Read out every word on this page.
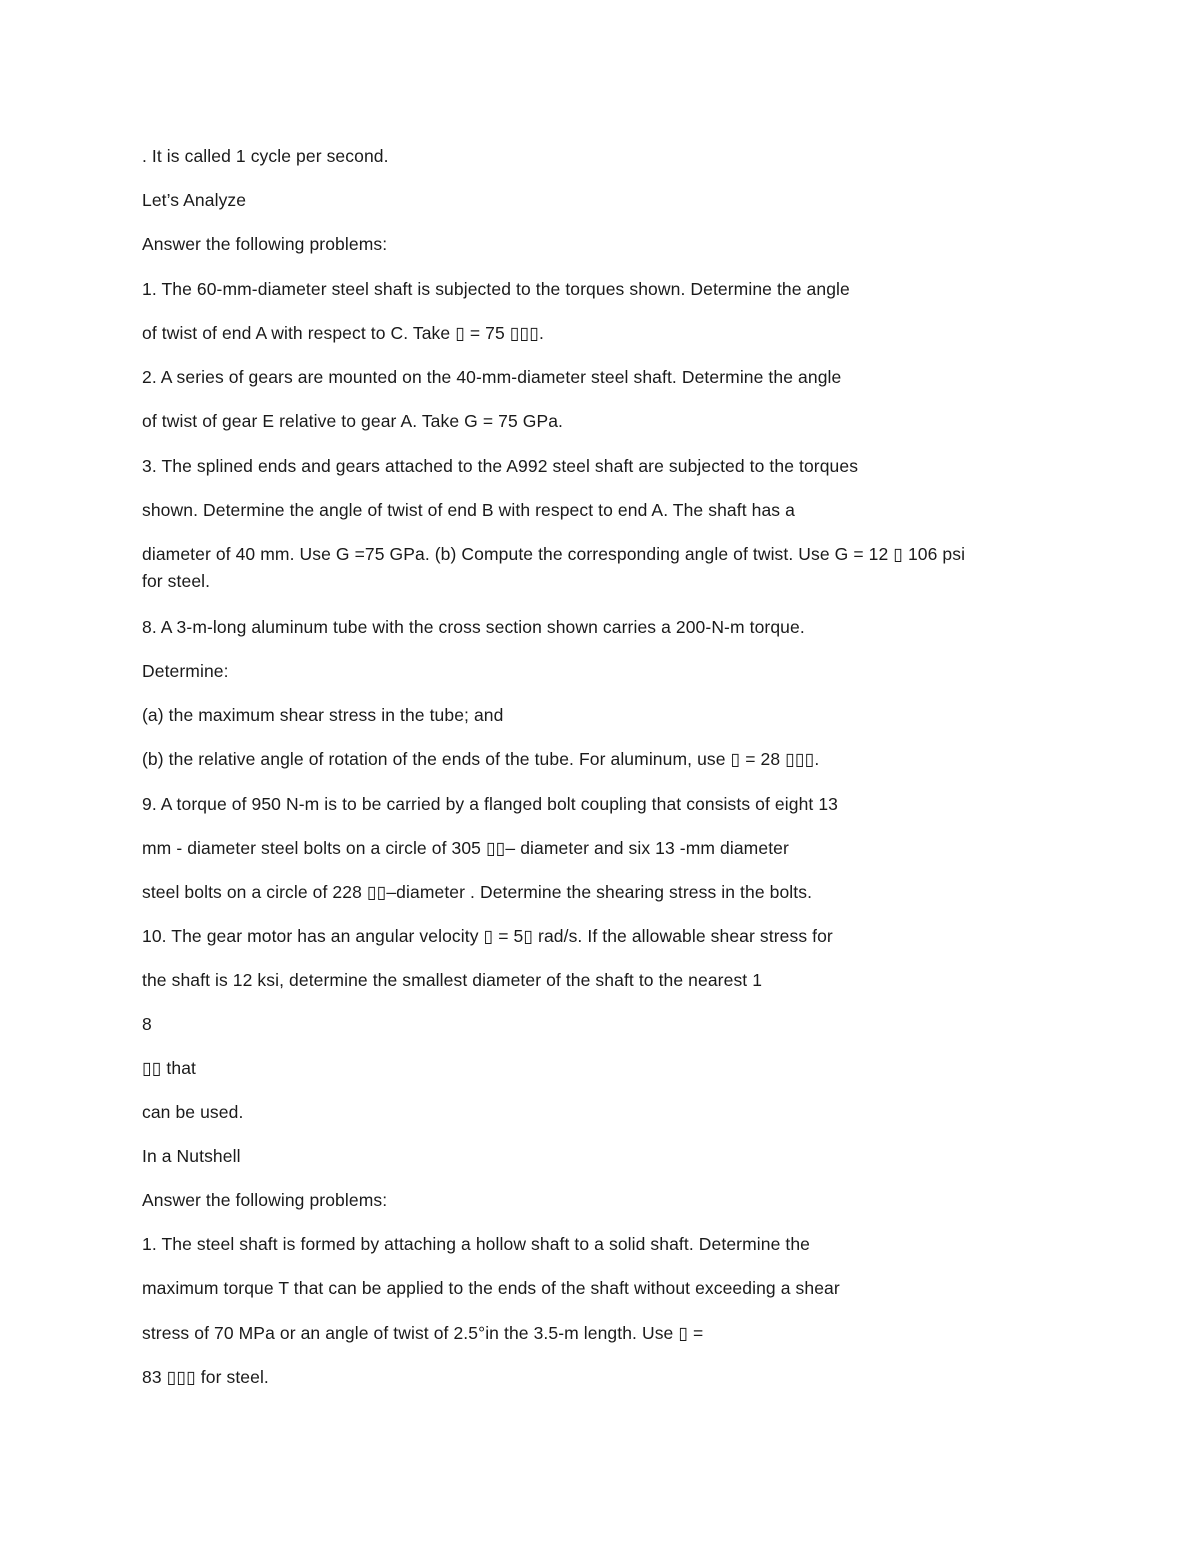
. It is called 1 cycle per second.
Let’s Analyze
Answer the following problems:
1. The 60-mm-diameter steel shaft is subjected to the torques shown. Determine the angle
of twist of end A with respect to C. Take ▯ = 75 ▯▯▯.
2. A series of gears are mounted on the 40-mm-diameter steel shaft. Determine the angle
of twist of gear E relative to gear A. Take G = 75 GPa.
3. The splined ends and gears attached to the A992 steel shaft are subjected to the torques
shown. Determine the angle of twist of end B with respect to end A. The shaft has a
diameter of 40 mm. Use G =75 GPa. (b) Compute the corresponding angle of twist. Use G = 12 ▯ 106 psi
for steel.
8. A 3-m-long aluminum tube with the cross section shown carries a 200-N-m torque.
Determine:
(a) the maximum shear stress in the tube; and
(b) the relative angle of rotation of the ends of the tube. For aluminum, use ▯ = 28 ▯▯▯.
9. A torque of 950 N-m is to be carried by a flanged bolt coupling that consists of eight 13
mm - diameter steel bolts on a circle of 305 ▯▯– diameter and six 13 -mm diameter
steel bolts on a circle of 228 ▯▯–diameter . Determine the shearing stress in the bolts.
10. The gear motor has an angular velocity ▯ = 5▯ rad/s. If the allowable shear stress for
the shaft is 12 ksi, determine the smallest diameter of the shaft to the nearest 1
8
▯▯ that
can be used.
In a Nutshell
Answer the following problems:
1. The steel shaft is formed by attaching a hollow shaft to a solid shaft. Determine the
maximum torque T that can be applied to the ends of the shaft without exceeding a shear
stress of 70 MPa or an angle of twist of 2.5°in the 3.5-m length. Use ▯ =
83 ▯▯▯ for steel.
